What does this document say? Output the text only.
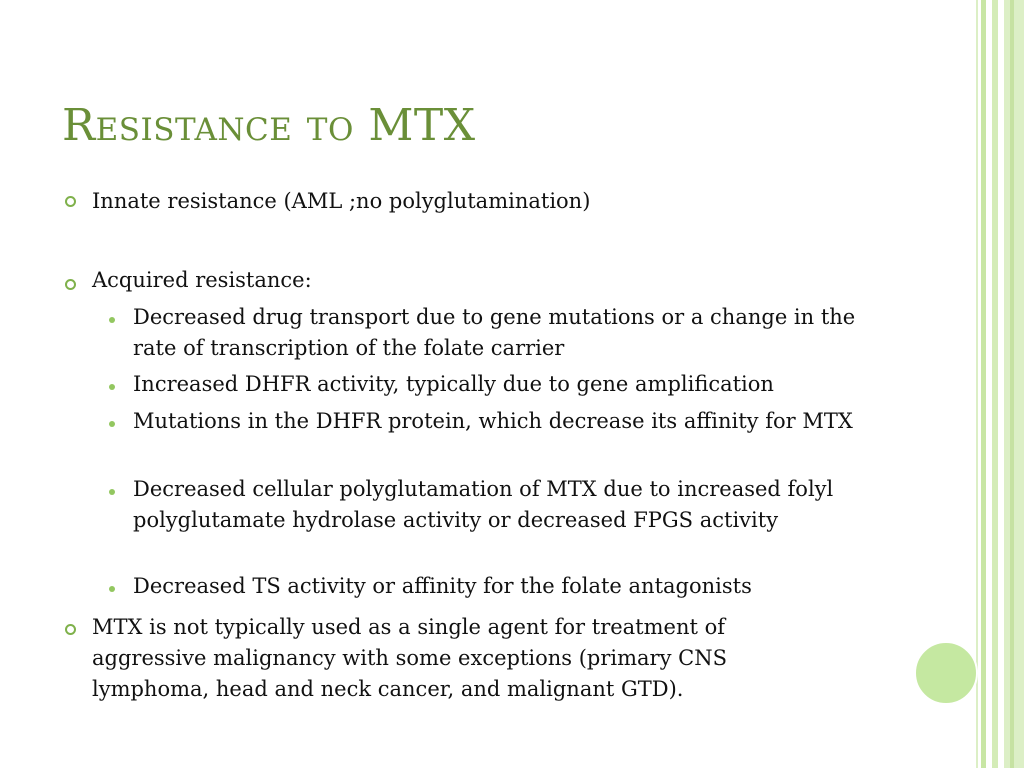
Resistance to MTX
Innate resistance (AML ;no polyglutamination)
Acquired resistance:
Decreased drug transport due to gene mutations or a change in the rate of transcription of the folate carrier
Increased DHFR activity, typically due to gene amplification
Mutations in the DHFR protein, which decrease its affinity for MTX
Decreased cellular polyglutamation of MTX due to increased folyl polyglutamate hydrolase activity or decreased FPGS activity
Decreased TS activity or affinity for the folate antagonists
MTX is not typically used as a single agent for treatment of aggressive malignancy with some exceptions (primary CNS lymphoma, head and neck cancer, and malignant GTD).
